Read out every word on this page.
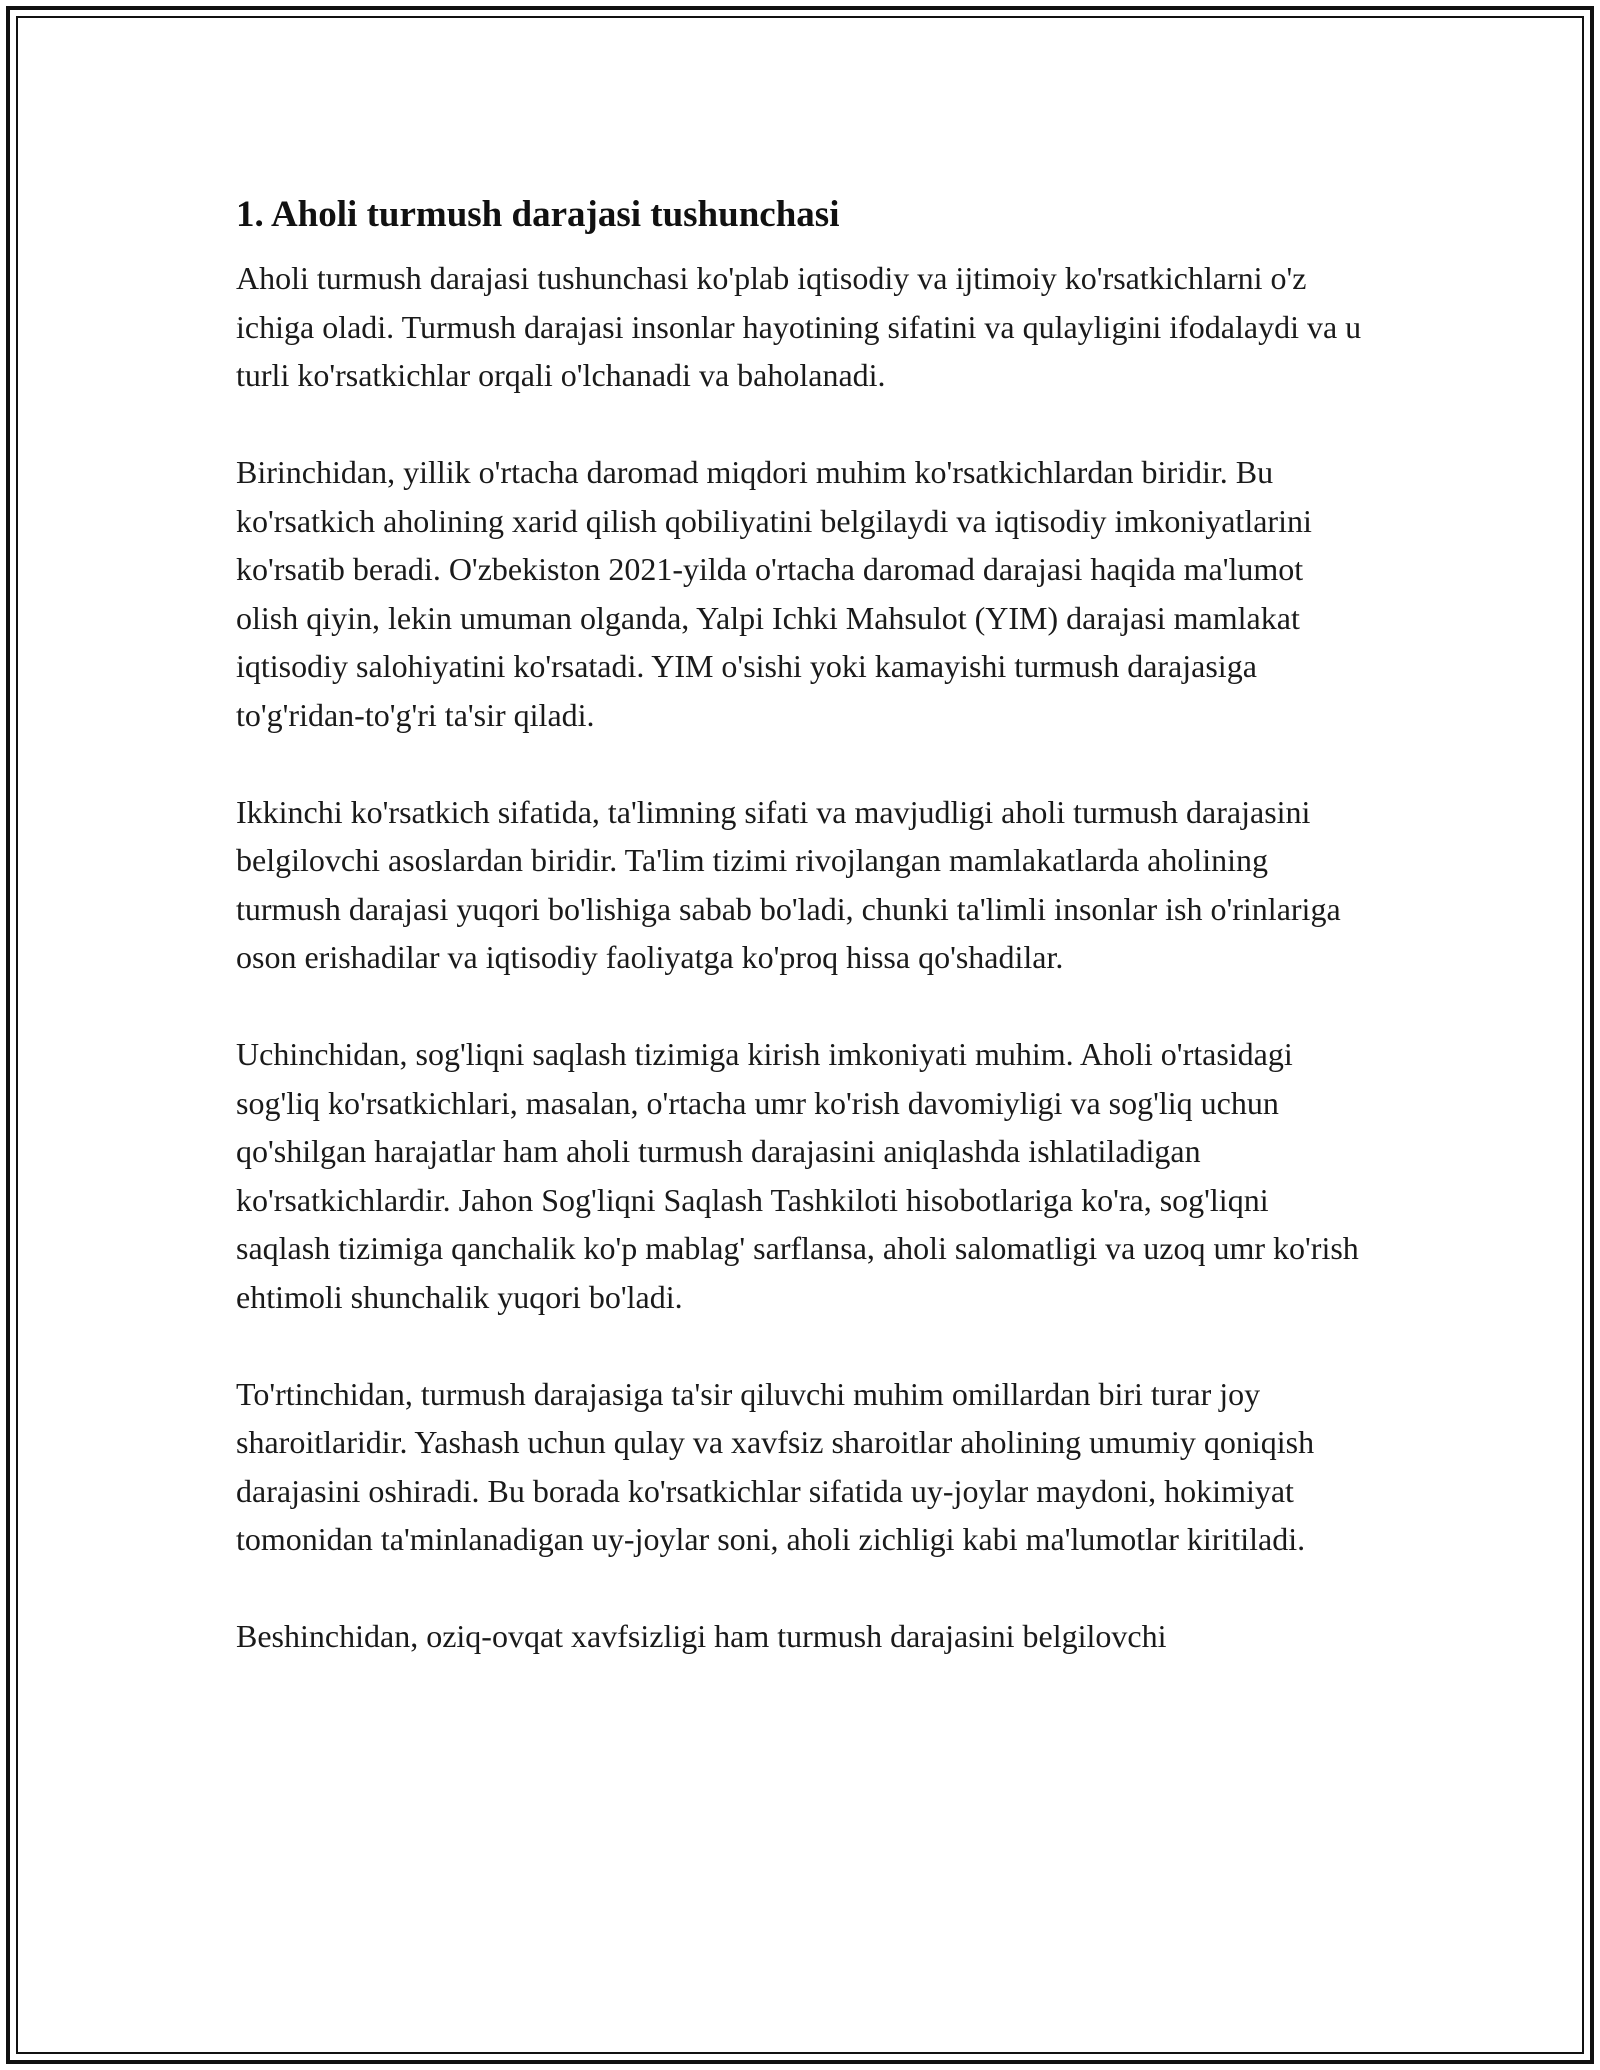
1. Aholi turmush darajasi tushunchasi

Aholi turmush darajasi tushunchasi ko'plab iqtisodiy va ijtimoiy ko'rsatkichlarni o'z ichiga oladi. Turmush darajasi insonlar hayotining sifatini va qulayligini ifodalaydi va u turli ko'rsatkichlar orqali o'lchanadi va baholanadi.

Birinchidan, yillik o'rtacha daromad miqdori muhim ko'rsatkichlardan biridir. Bu ko'rsatkich aholining xarid qilish qobiliyatini belgilaydi va iqtisodiy imkoniyatlarini ko'rsatib beradi. O'zbekiston 2021-yilda o'rtacha daromad darajasi haqida ma'lumot olish qiyin, lekin umuman olganda, Yalpi Ichki Mahsulot (YIM) darajasi mamlakat iqtisodiy salohiyatini ko'rsatadi. YIM o'sishi yoki kamayishi turmush darajasiga to'g'ridan-to'g'ri ta'sir qiladi.

Ikkinchi ko'rsatkich sifatida, ta'limning sifati va mavjudligi aholi turmush darajasini belgilovchi asoslardan biridir. Ta'lim tizimi rivojlangan mamlakatlarda aholining turmush darajasi yuqori bo'lishiga sabab bo'ladi, chunki ta'limli insonlar ish o'rinlariga oson erishadilar va iqtisodiy faoliyatga ko'proq hissa qo'shadilar.

Uchinchidan, sog'liqni saqlash tizimiga kirish imkoniyati muhim. Aholi o'rtasidagi sog'liq ko'rsatkichlari, masalan, o'rtacha umr ko'rish davomiyligi va sog'liq uchun qo'shilgan harajatlar ham aholi turmush darajasini aniqlashda ishlatiladigan ko'rsatkichlardir. Jahon Sog'liqni Saqlash Tashkiloti hisobotlariga ko'ra, sog'liqni saqlash tizimiga qanchalik ko'p mablag' sarflansa, aholi salomatligi va uzoq umr ko'rish ehtimoli shunchalik yuqori bo'ladi.

To'rtinchidan, turmush darajasiga ta'sir qiluvchi muhim omillardan biri turar joy sharoitlaridir. Yashash uchun qulay va xavfsiz sharoitlar aholining umumiy qoniqish darajasini oshiradi. Bu borada ko'rsatkichlar sifatida uy-joylar maydoni, hokimiyat tomonidan ta'minlanadigan uy-joylar soni, aholi zichligi kabi ma'lumotlar kiritiladi.

Beshinchidan, oziq-ovqat xavfsizligi ham turmush darajasini belgilovchi
